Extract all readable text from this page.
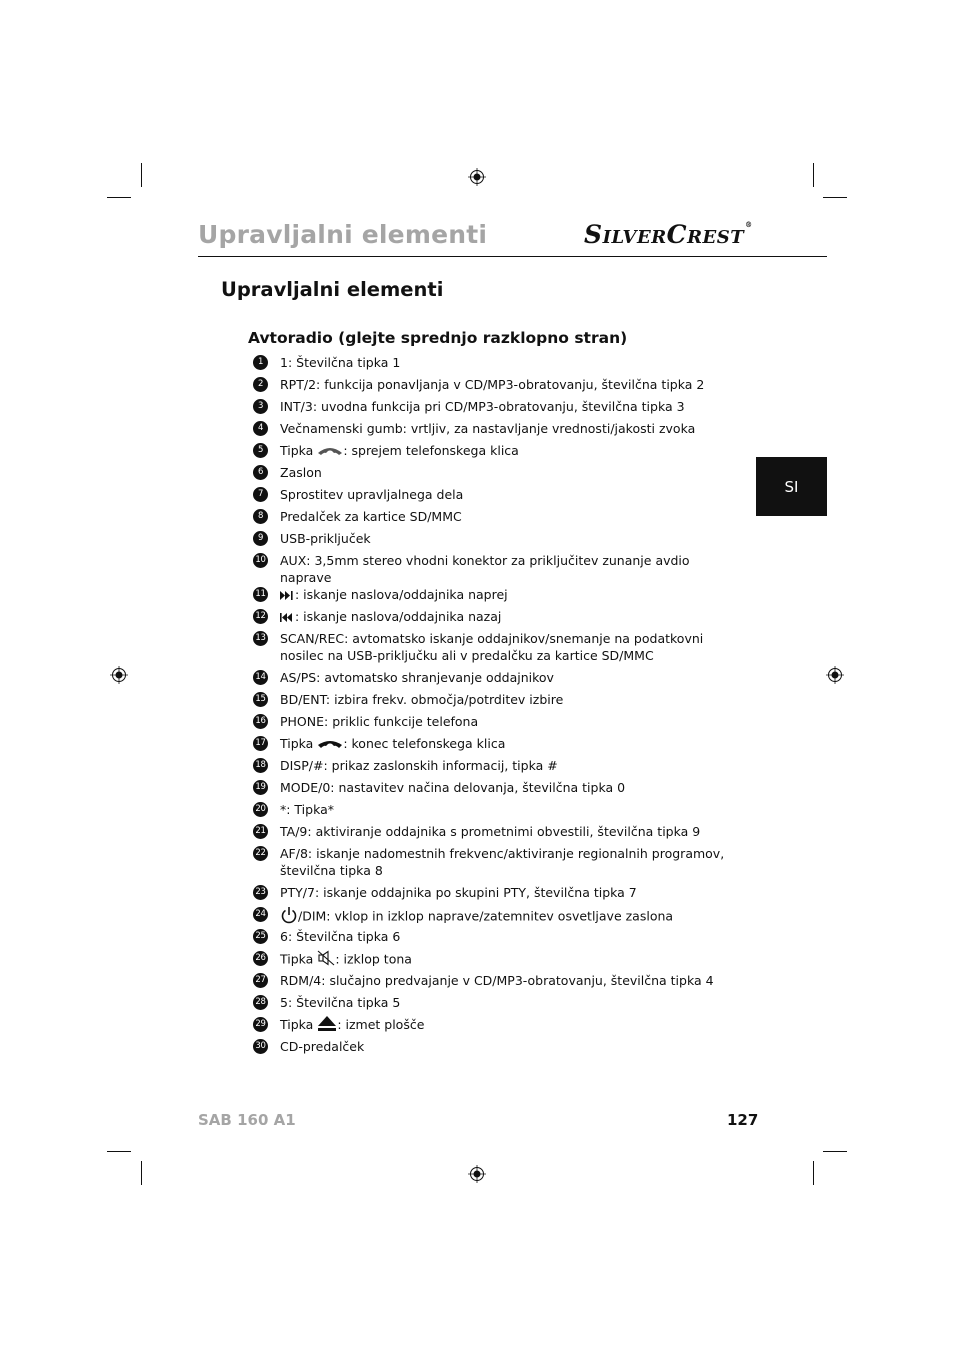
Upravljalni elementi	SILVERCREST®
Upravljalni elementi
Avtoradio (glejte sprednjo razklopno stran)
SI
1	1: Številčna tipka 1
2	RPT/2: funkcija ponavljanja v CD/MP3-obratovanju, številčna tipka 2
3	INT/3: uvodna funkcija pri CD/MP3-obratovanju, številčna tipka 3
4	Večnamenski gumb: vrtljiv, za nastavljanje vrednosti/jakosti zvoka
5	Tipka : sprejem telefonskega klica
6	Zaslon
7	Sprostitev upravljalnega dela
8	Predalček za kartice SD/MMC
9	USB-priključek
10 AUX: 3,5mm stereo vhodni konektor za priključitev zunanje avdio naprave
11	: iskanje naslova/oddajnika naprej
12	: iskanje naslova/oddajnika nazaj
13 SCAN/REC: avtomatsko iskanje oddajnikov/snemanje na podatkovni nosilec na USB-priključku ali v predalčku za kartice SD/MMC
14 AS/PS: avtomatsko shranjevanje oddajnikov
15 BD/ENT: izbira frekv. območja/potrditev izbire
16 PHONE: priklic funkcije telefona
17 Tipka : konec telefonskega klica
18 DISP/#: prikaz zaslonskih informacij, tipka #
19 MODE/0: nastavitev načina delovanja, številčna tipka 0
20 *: Tipka*
21 TA/9: aktiviranje oddajnika s prometnimi obvestili, številčna tipka 9
22 AF/8: iskanje nadomestnih frekvenc/aktiviranje regionalnih programov, številčna tipka 8
23 PTY/7: iskanje oddajnika po skupini PTY, številčna tipka 7
24	/DIM: vklop in izklop naprave/zatemnitev osvetljave zaslona
25 6: Številčna tipka 6
26 Tipka : izklop tona
27 RDM/4: slučajno predvajanje v CD/MP3-obratovanju, številčna tipka 4
28 5: Številčna tipka 5
29 Tipka : izmet plošče
30 CD-predalček
SAB 160 A1	127
